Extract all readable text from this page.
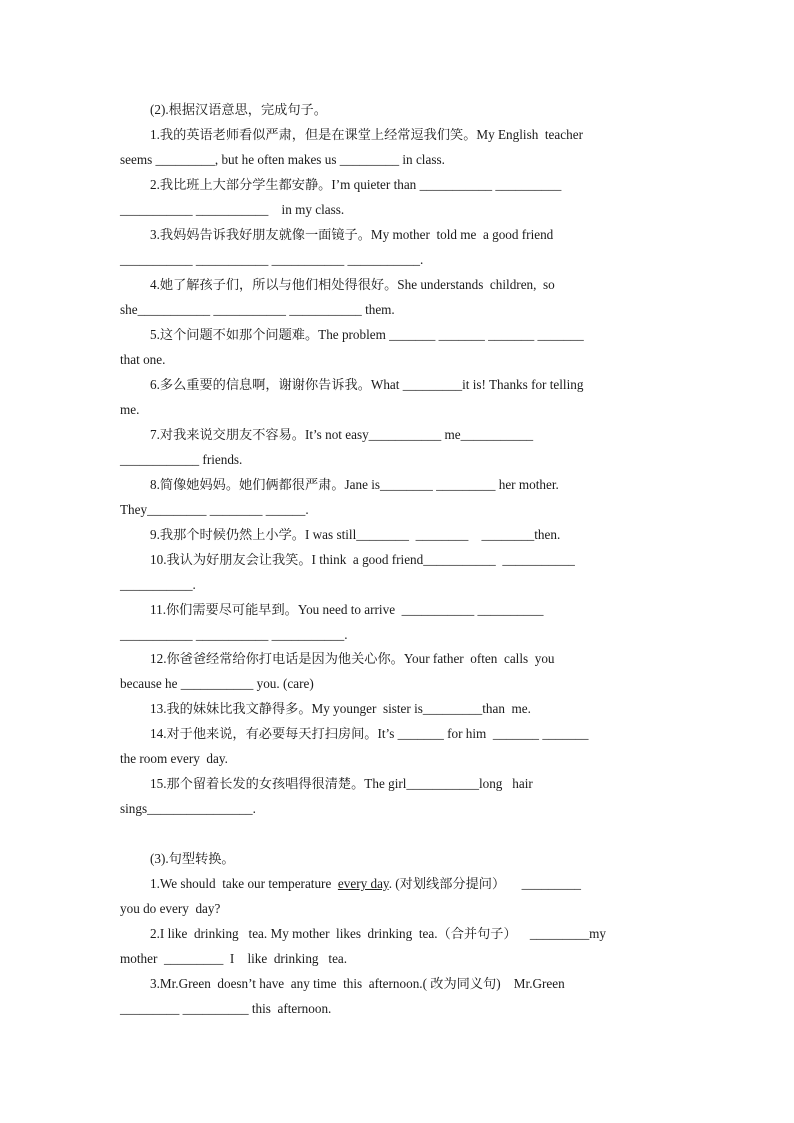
(2).根据汉语意思，完成句子。
1.我的英语老师看似严肃，但是在课堂上经常逗我们笑。My English  teacher
seems _________, but he often makes us _________ in class.
2.我比班上大部分学生都安静。I’m quieter than ___________ __________
___________ ___________    in my class.
3.我妈妈告诉我好朋友就像一面镜子。My mother  told me  a good friend
___________ ___________ ___________ ___________.
4.她了解孩子们，所以与他们相处得很好。She understands  children,  so
she___________ ___________ ___________ them.
5.这个问题不如那个问题难。The problem _______ _______ _______ _______
that one.
6.多么重要的信息啊，谢谢你告诉我。What _________it is! Thanks for telling
me.
7.对我来说交朋友不容易。It’s not easy___________ me___________
____________ friends.
8.简像她妈妈。她们俩都很严肃。Jane is________ _________ her mother.
They_________ ________ ______.
9.我那个时候仍然上小学。I was still________  ________    ________then.
10.我认为好朋友会让我笑。I think  a good friend___________  ___________
___________.
11.你们需要尽可能早到。You need to arrive  ___________ __________
___________ ___________ ___________.
12.你爸爸经常给你打电话是因为他关心你。Your father  often  calls  you
because he ___________ you. (care)
13.我的妹妹比我文静得多。My younger  sister is_________than  me.
14.对于他来说，有必要每天打扫房间。It’s _______ for him  _______ _______
the room every  day.
15.那个留着长发的女孩唱得很清楚。The girl___________long   hair
sings________________.
(3).句型转换。
1.We should  take our temperature  every day. (对划线部分提问）     _________
you do every  day?
2.I like  drinking   tea. My mother  likes  drinking  tea.（合并句子）    _________my
mother  _________  I    like  drinking   tea.
3.Mr.Green  doesn’t have  any time  this  afternoon.( 改为同义句)    Mr.Green
_________ __________ this  afternoon.
